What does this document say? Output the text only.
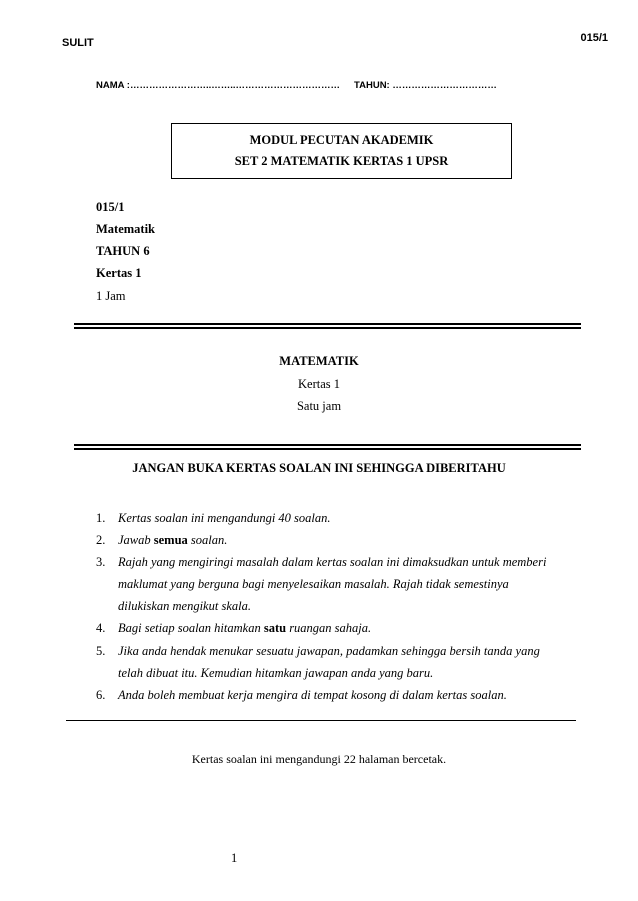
SULIT	015/1
NAMA :……………………..……..…………………………… TAHUN: ……………………………
MODUL PECUTAN AKADEMIK
SET 2 MATEMATIK KERTAS 1 UPSR
015/1
Matematik
TAHUN 6
Kertas 1
1 Jam
MATEMATIK
Kertas 1
Satu jam
JANGAN BUKA KERTAS SOALAN INI SEHINGGA DIBERITAHU
1. Kertas soalan ini mengandungi 40 soalan.
2. Jawab semua soalan.
3. Rajah yang mengiringi masalah dalam kertas soalan ini dimaksudkan untuk memberi
maklumat yang berguna bagi menyelesaikan masalah. Rajah tidak semestinya
dilukiskan mengikut skala.
4. Bagi setiap soalan hitamkan satu ruangan sahaja.
5. Jika anda hendak menukar sesuatu jawapan, padamkan sehingga bersih tanda yang
telah dibuat itu. Kemudian hitamkan jawapan anda yang baru.
6. Anda boleh membuat kerja mengira di tempat kosong di dalam kertas soalan.
Kertas soalan ini mengandungi 22 halaman bercetak.
1
